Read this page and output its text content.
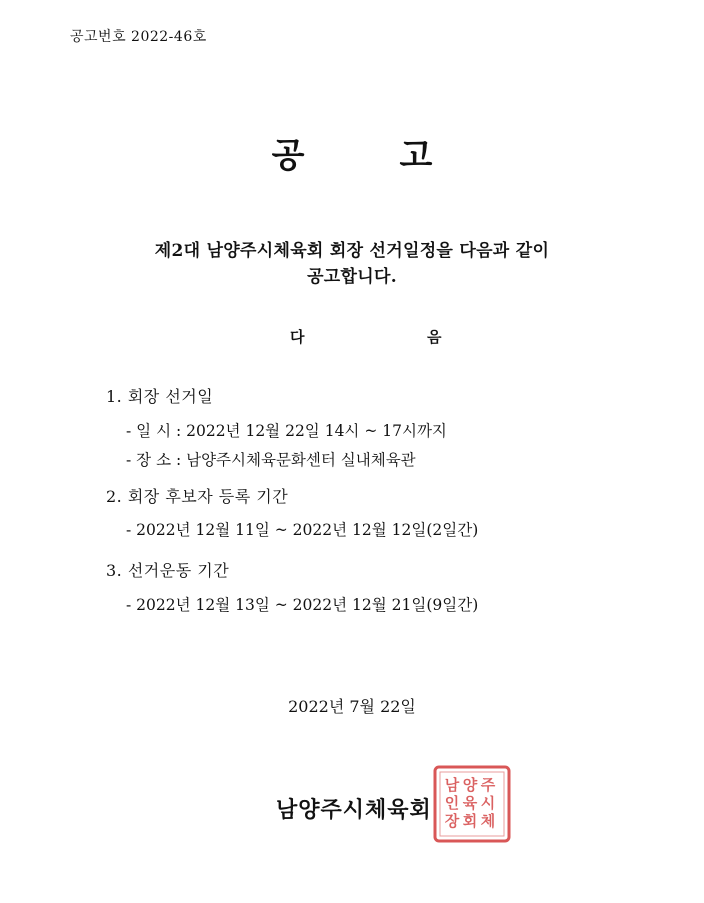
공고번호 2022-46호
공	고
제2대 남양주시체육회 회장 선거일정을 다음과 같이
공고합니다.
다	음
1. 회장 선거일
- 일 시 : 2022년 12월 22일 14시 ~ 17시까지
- 장 소 : 남양주시체육문화센터 실내체육관
2. 회장 후보자 등록 기간
- 2022년 12월 11일 ~ 2022년 12월 12일(2일간)
3. 선거운동 기간
- 2022년 12월 13일 ~ 2022년 12월 21일(9일간)
2022년 7월 22일
남양주시체육회
주
시
체
양
육
회
남
인
장
